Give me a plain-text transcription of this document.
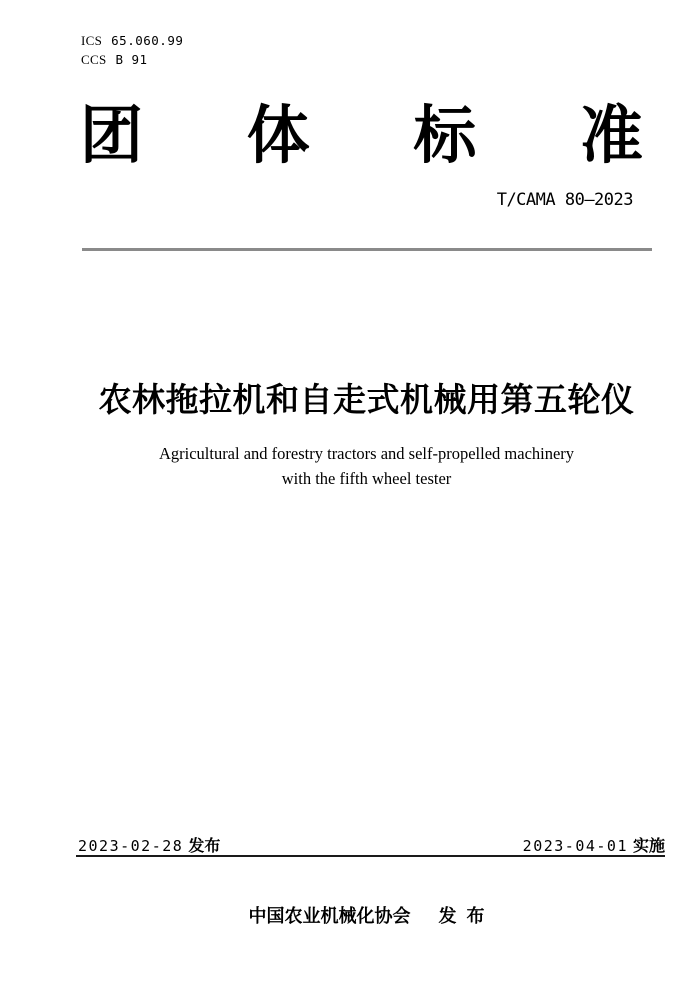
ICS 65.060.99
CCS B 91
团 体 标 准
T/CAMA 80—2023
农林拖拉机和自走式机械用第五轮仪
Agricultural and forestry tractors and self-propelled machinery
with the fifth wheel tester
2023-02-28 发布	2023-04-01 实施
中国农业机械化协会 发  布
